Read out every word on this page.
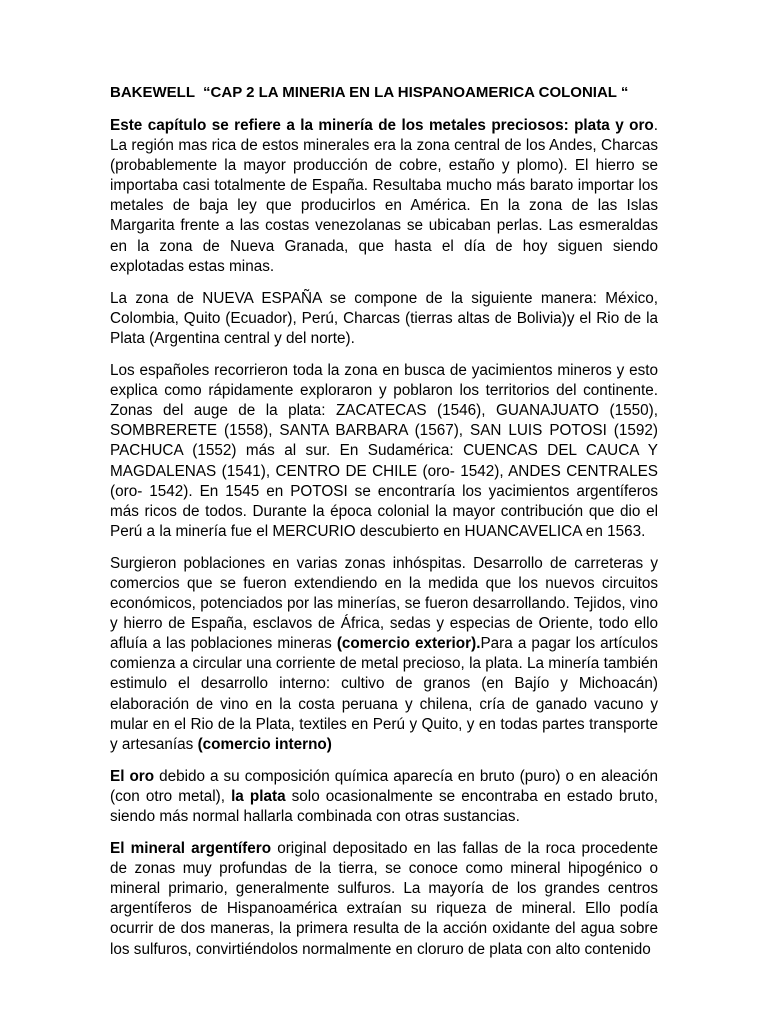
BAKEWELL  “CAP 2 LA MINERIA EN LA HISPANOAMERICA COLONIAL “

Este capítulo se refiere a la minería de los metales preciosos: plata y oro. La región mas rica de estos minerales era la zona central de los Andes, Charcas (probablemente la mayor producción de cobre, estaño y plomo). El hierro se importaba casi totalmente de España. Resultaba mucho más barato importar los metales de baja ley que producirlos en América. En la zona de las Islas Margarita frente a las costas venezolanas se ubicaban perlas. Las esmeraldas en la zona de Nueva Granada, que hasta el día de hoy siguen siendo explotadas estas minas.

La zona de NUEVA ESPAÑA se compone de la siguiente manera: México, Colombia, Quito (Ecuador), Perú, Charcas (tierras altas de Bolivia)y el Rio de la Plata (Argentina central y del norte).

Los españoles recorrieron toda la zona en busca de yacimientos mineros y esto explica como rápidamente exploraron y poblaron los territorios del continente. Zonas del auge de la plata: ZACATECAS (1546), GUANAJUATO (1550), SOMBRERETE (1558), SANTA BARBARA (1567), SAN LUIS POTOSI (1592) PACHUCA (1552) más al sur. En Sudamérica: CUENCAS DEL CAUCA Y MAGDALENAS (1541), CENTRO DE CHILE (oro- 1542), ANDES CENTRALES (oro- 1542). En 1545 en POTOSI se encontraría los yacimientos argentíferos más ricos de todos. Durante la época colonial la mayor contribución que dio el Perú a la minería fue el MERCURIO descubierto en HUANCAVELICA en 1563.

Surgieron poblaciones en varias zonas inhóspitas. Desarrollo de carreteras y comercios que se fueron extendiendo en la medida que los nuevos circuitos económicos, potenciados por las minerías, se fueron desarrollando. Tejidos, vino y hierro de España, esclavos de África, sedas y especias de Oriente, todo ello afluía a las poblaciones mineras (comercio exterior).Para a pagar los artículos comienza a circular una corriente de metal precioso, la plata. La minería también estimulo el desarrollo interno: cultivo de granos (en Bajío y Michoacán) elaboración de vino en la costa peruana y chilena, cría de ganado vacuno y mular en el Rio de la Plata, textiles en Perú y Quito, y en todas partes transporte y artesanías (comercio interno)

El oro debido a su composición química aparecía en bruto (puro) o en aleación (con otro metal), la plata solo ocasionalmente se encontraba en estado bruto, siendo más normal hallarla combinada con otras sustancias.

El mineral argentífero original depositado en las fallas de la roca procedente de zonas muy profundas de la tierra, se conoce como mineral hipogénico o mineral primario, generalmente sulfuros. La mayoría de los grandes centros argentíferos de Hispanoamérica extraían su riqueza de mineral. Ello podía ocurrir de dos maneras, la primera resulta de la acción oxidante del agua sobre los sulfuros, convirtiéndolos normalmente en cloruro de plata con alto contenido
